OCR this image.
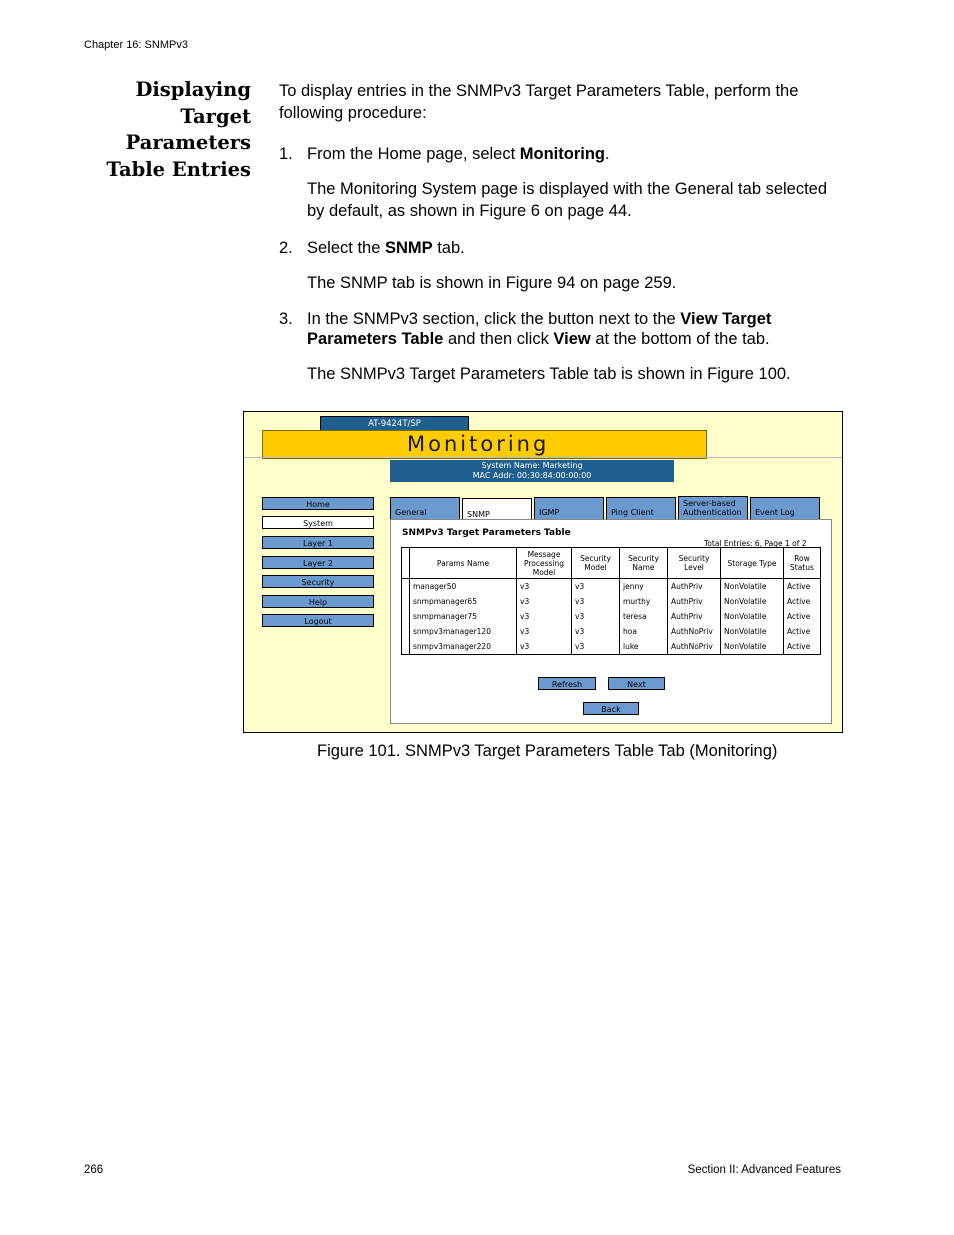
Chapter 16: SNMPv3
Displaying
Target
Parameters
Table Entries

To display entries in the SNMPv3 Target Parameters Table, perform the following procedure:

1. From the Home page, select Monitoring.

The Monitoring System page is displayed with the General tab selected by default, as shown in Figure 6 on page 44.

2. Select the SNMP tab.

The SNMP tab is shown in Figure 94 on page 259.

3. In the SNMPv3 section, click the button next to the View Target Parameters Table and then click View at the bottom of the tab.

The SNMPv3 Target Parameters Table tab is shown in Figure 100.

AT-9424T/SP
Monitoring
System Name: Marketing
MAC Addr: 00:30:84:00:00:00
Home
System
Layer 1
Layer 2
Security
Help
Logout
General	SNMP	IGMP	Ping Client
Server-based Authentication	Event Log
SNMPv3 Target Parameters Table
Total Entries: 6, Page 1 of 2
	Params Name	Message Processing Model	Security Model	Security Name	Security Level	Storage Type	Row Status
	manager50	v3	v3	jenny	AuthPriv	NonVolatile	Active
	snmpmanager65	v3	v3	murthy	AuthPriv	NonVolatile	Active
	snmpmanager75	v3	v3	teresa	AuthPriv	NonVolatile	Active
	snmpv3manager120	v3	v3	hoa	AuthNoPriv	NonVolatile	Active
	snmpv3manager220	v3	v3	luke	AuthNoPriv	NonVolatile	Active
Refresh	Next
Back
Figure 101. SNMPv3 Target Parameters Table Tab (Monitoring)
266	Section II: Advanced Features
